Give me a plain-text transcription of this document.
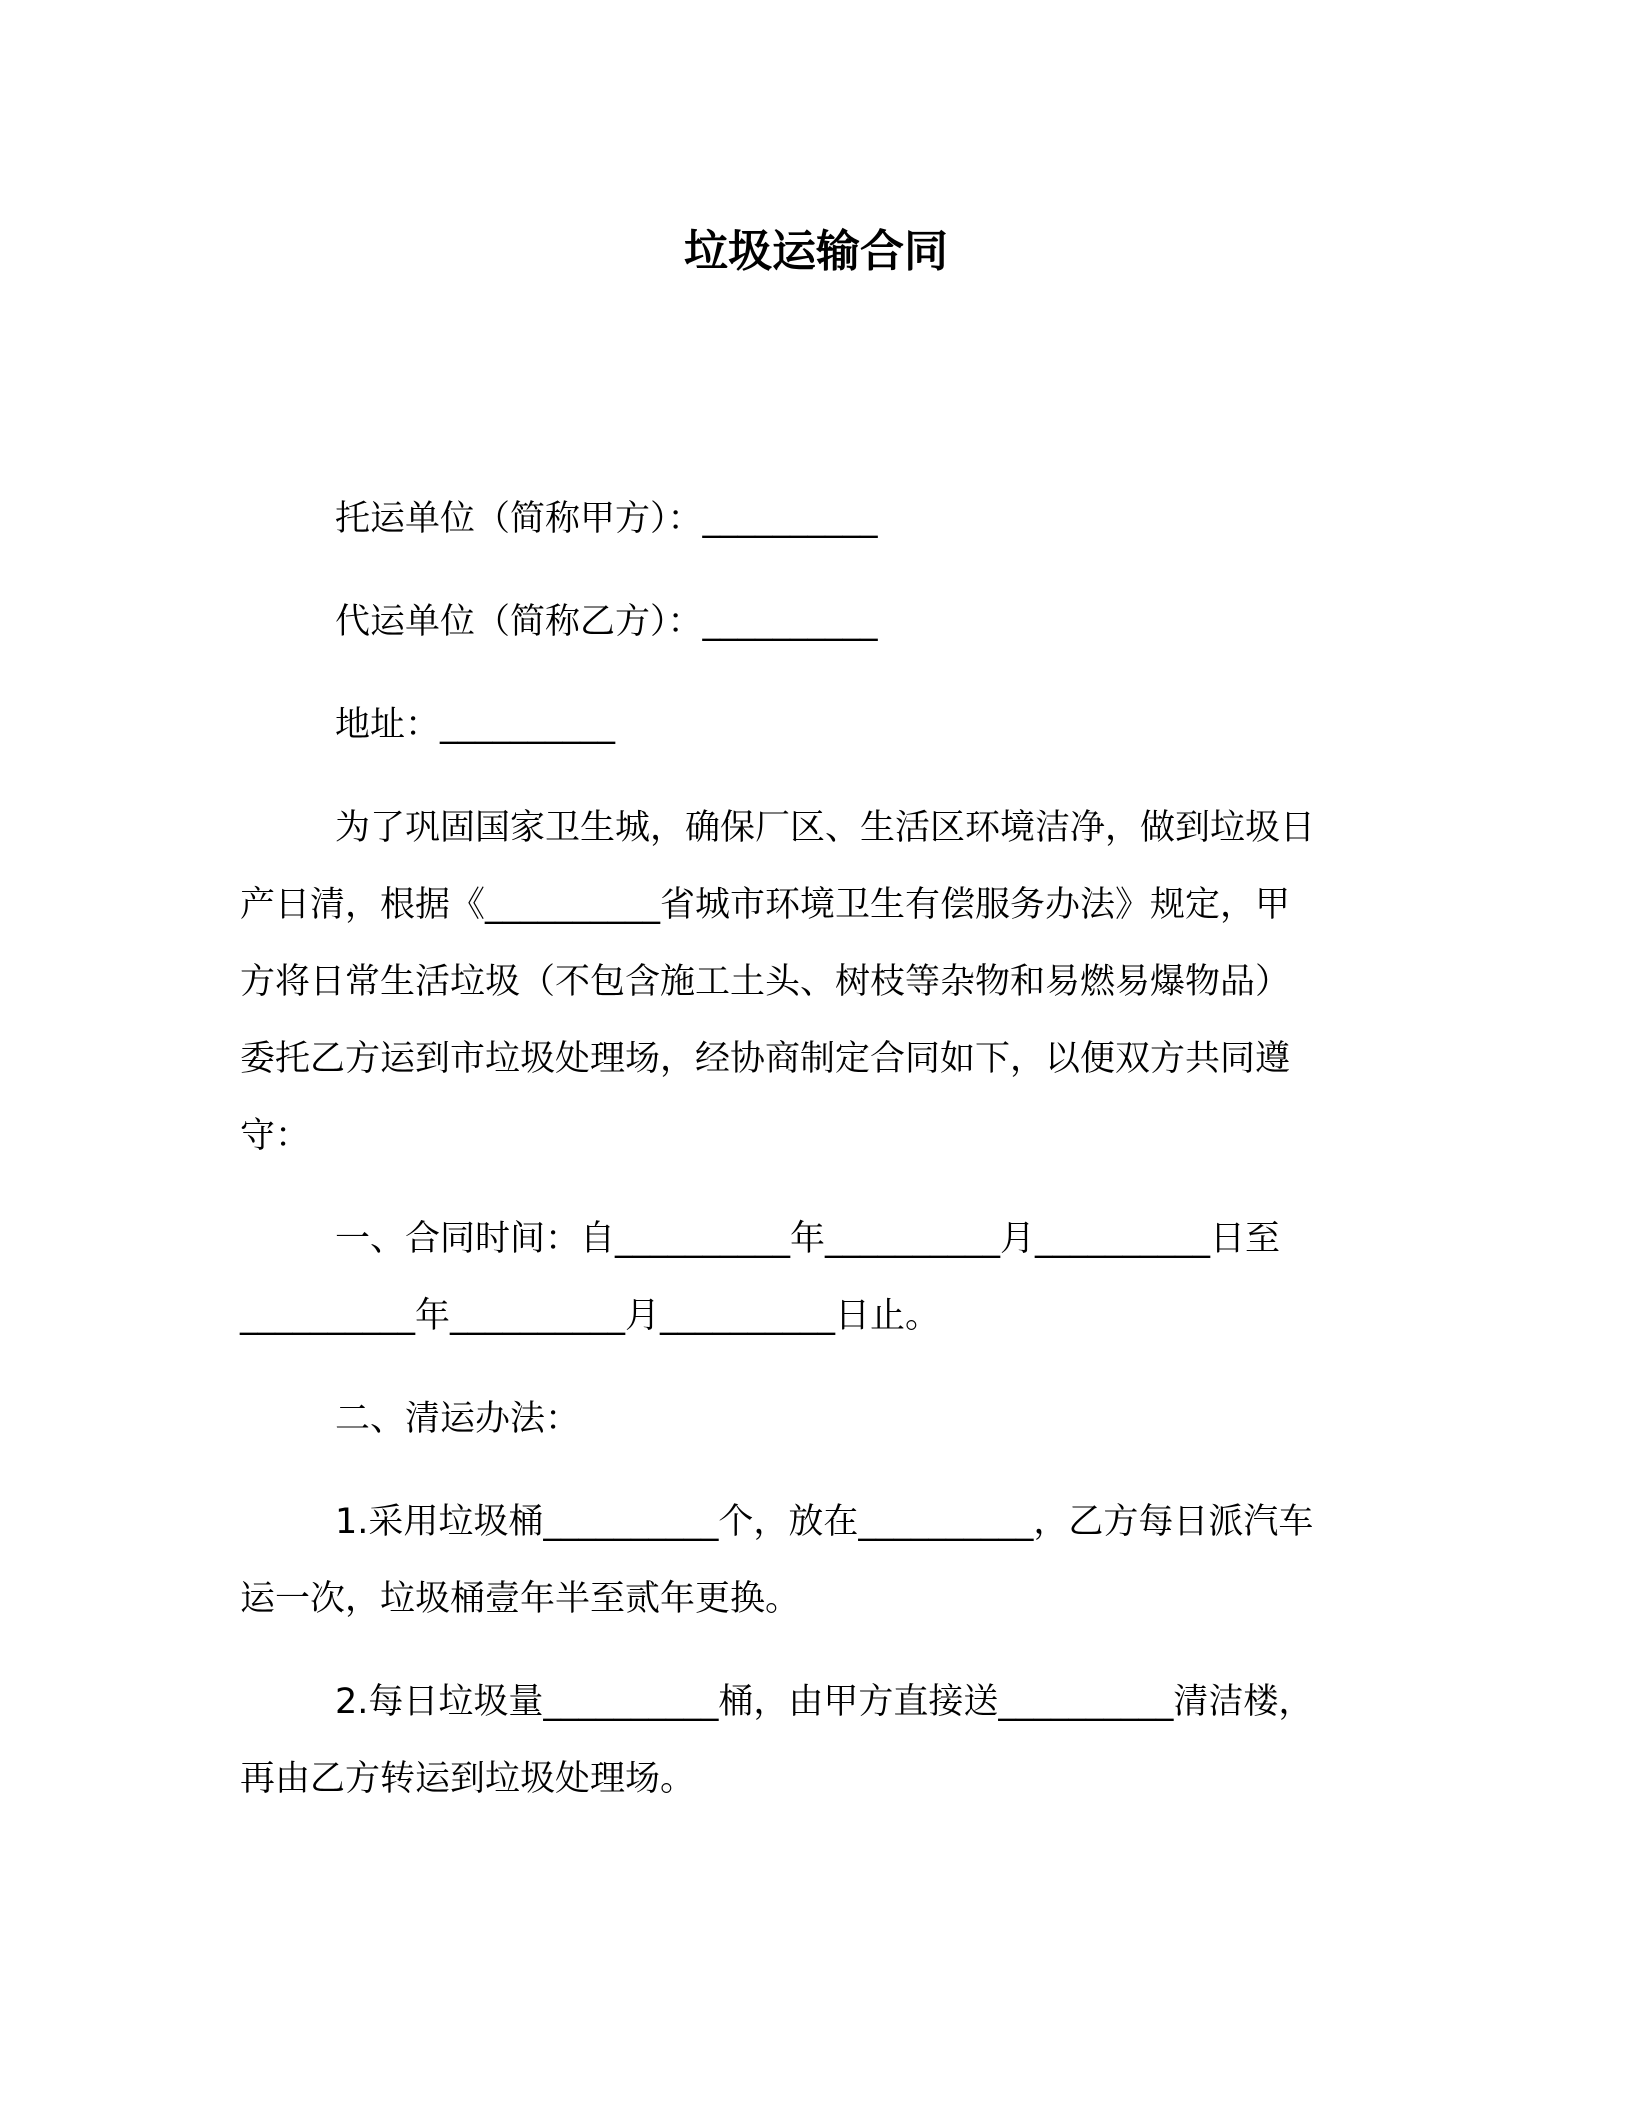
垃圾运输合同
托运单位（简称甲方）：__________
代运单位（简称乙方）：__________
地址：__________
为了巩固国家卫生城，确保厂区、生活区环境洁净，做到垃圾日
产日清，根据《__________省城市环境卫生有偿服务办法》规定，甲
方将日常生活垃圾（不包含施工土头、树枝等杂物和易燃易爆物品）
委托乙方运到市垃圾处理场，经协商制定合同如下，以便双方共同遵
守：
一、合同时间：自__________年__________月__________日至
__________年__________月__________日止。
二、清运办法：
1.采用垃圾桶__________个，放在__________，乙方每日派汽车
运一次，垃圾桶壹年半至贰年更换。
2.每日垃圾量__________桶，由甲方直接送__________清洁楼，
再由乙方转运到垃圾处理场。
